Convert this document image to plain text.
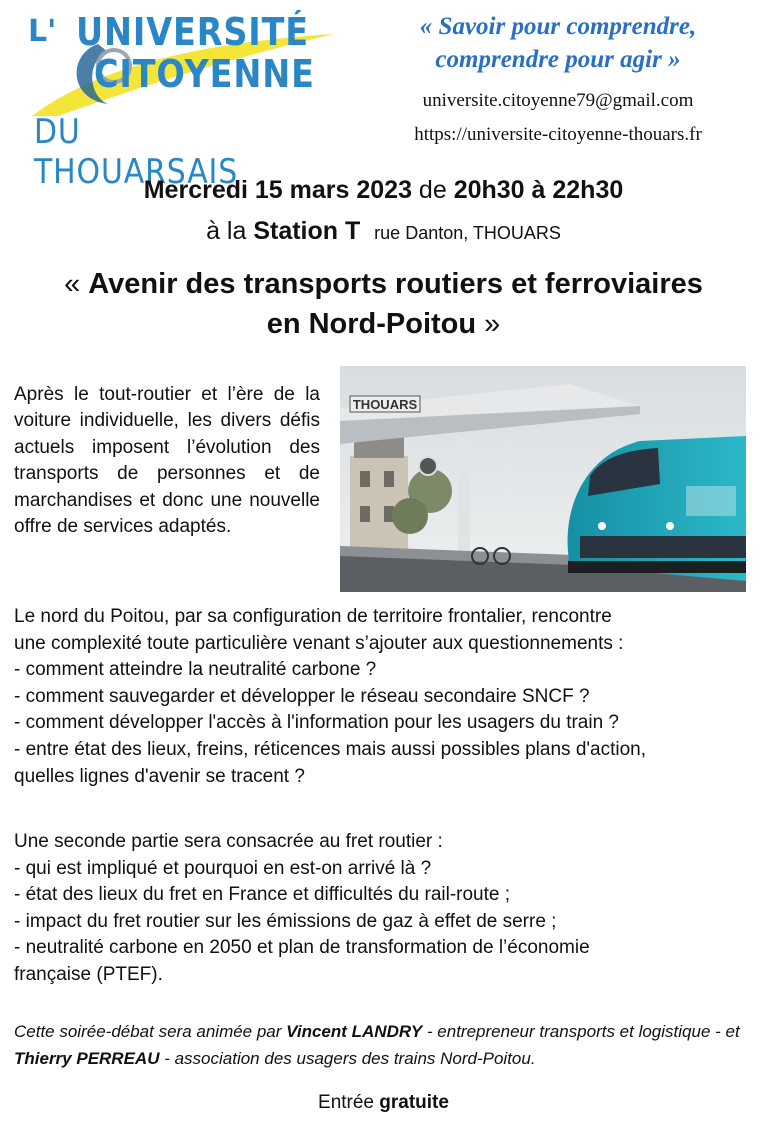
L' UNIVERSITÉ
CITOYENNE
DU THOUARSAIS
« Savoir pour comprendre,
comprendre pour agir »
universite.citoyenne79@gmail.com
https://universite-citoyenne-thouars.fr
Mercredi 15 mars 2023 de 20h30 à 22h30
à la Station T rue Danton, THOUARS
« Avenir des transports routiers et ferroviaires
en Nord-Poitou »
Après le tout-routier et l’ère de la voiture individuelle, les divers défis actuels imposent l’évolution des transports de personnes et de marchandises et donc une nouvelle offre de services adaptés.
THOUARS
Le nord du Poitou, par sa configuration de territoire frontalier, rencontre
une complexité toute particulière venant s’ajouter aux questionnements :
- comment atteindre la neutralité carbone ?
- comment sauvegarder et développer le réseau secondaire SNCF ?
- comment développer l'accès à l'information pour les usagers du train ?
- entre état des lieux, freins, réticences mais aussi possibles plans d'action,
quelles lignes d'avenir se tracent ?
Une seconde partie sera consacrée au fret routier :
- qui est impliqué et pourquoi en est-on arrivé là ?
- état des lieux du fret en France et difficultés du rail-route ;
- impact du fret routier sur les émissions de gaz à effet de serre ;
- neutralité carbone en 2050 et plan de transformation de l’économie
française (PTEF).
Cette soirée-débat sera animée par Vincent LANDRY - entrepreneur transports et logistique - et Thierry PERREAU - association des usagers des trains Nord-Poitou.
Entrée gratuite
